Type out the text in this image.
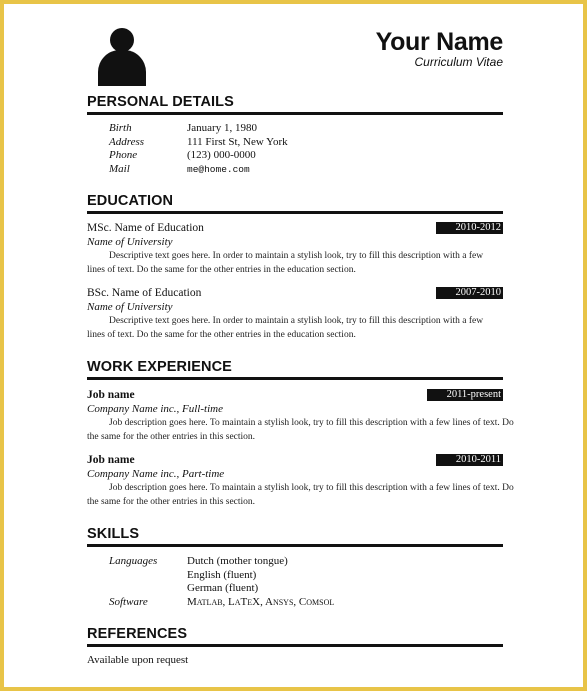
Your Name
Curriculum Vitae
PERSONAL DETAILS
Birth	January 1, 1980
Address	111 First St, New York
Phone	(123) 000-0000
Mail	me@home.com
EDUCATION
MSc. Name of Education	2010-2012
Name of University
Descriptive text goes here. In order to maintain a stylish look, try to fill this description with a few lines of text. Do the same for the other entries in the education section.
BSc. Name of Education	2007-2010
Name of University
Descriptive text goes here. In order to maintain a stylish look, try to fill this description with a few lines of text. Do the same for the other entries in the education section.
WORK EXPERIENCE
Job name	2011-present
Company Name inc., Full-time
Job description goes here. To maintain a stylish look, try to fill this description with a few lines of text. Do the same for the other entries in this section.
Job name	2010-2011
Company Name inc., Part-time
Job description goes here. To maintain a stylish look, try to fill this description with a few lines of text. Do the same for the other entries in this section.
SKILLS
Languages	Dutch (mother tongue)
English (fluent)
German (fluent)
Software	Matlab, LaTeX, Ansys, Comsol
REFERENCES
Available upon request
